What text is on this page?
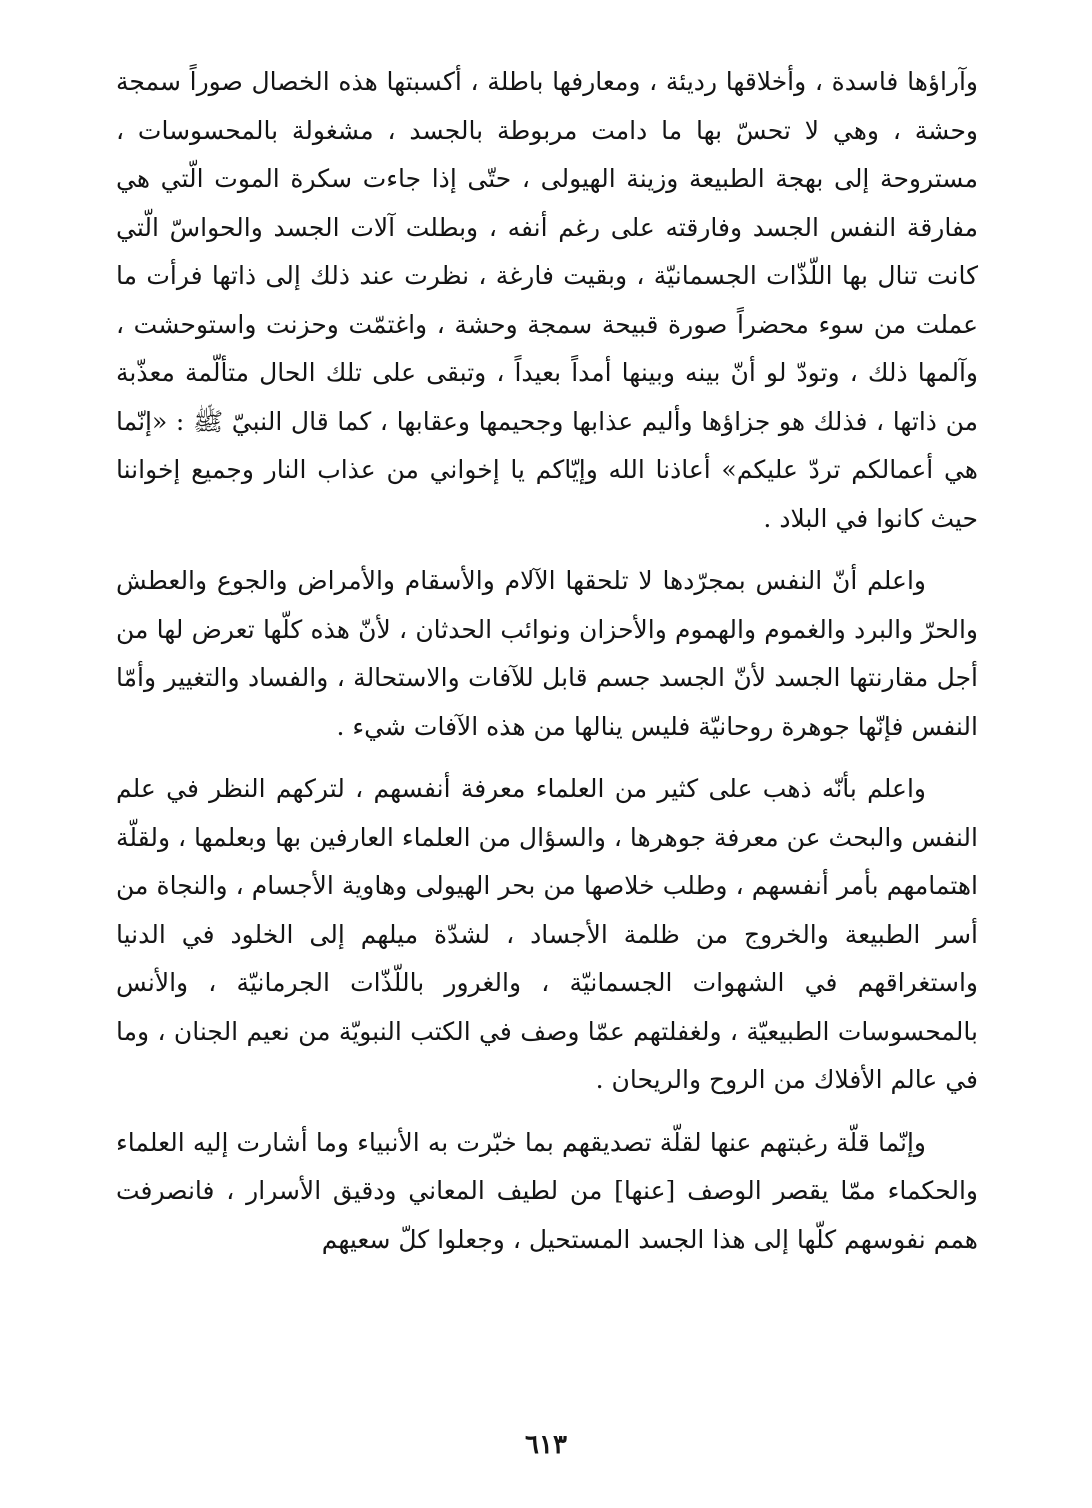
وآراؤها فاسدة ، وأخلاقها رديئة ، ومعارفها باطلة ، أكسبتها هذه الخصال صوراً سمجة وحشة ، وهي لا تحسّ بها ما دامت مربوطة بالجسد ، مشغولة بالمحسوسات ، مستروحة إلى بهجة الطبيعة وزينة الهيولى ، حتّى إذا جاءت سكرة الموت الّتي هي مفارقة النفس الجسد وفارقته على رغم أنفه ، وبطلت آلات الجسد والحواسّ الّتي كانت تنال بها اللّذّات الجسمانيّة ، وبقيت فارغة ، نظرت عند ذلك إلى ذاتها فرأت ما عملت من سوء محضراً صورة قبيحة سمجة وحشة ، واغتمّت وحزنت واستوحشت ، وآلمها ذلك ، وتودّ لو أنّ بينه وبينها أمداً بعيداً ، وتبقى على تلك الحال متألّمة معذّبة من ذاتها ، فذلك هو جزاؤها وأليم عذابها وجحيمها وعقابها ، كما قال النبيّ ﷺ : «إنّما هي أعمالكم تردّ عليكم» أعاذنا الله وإيّاكم يا إخواني من عذاب النار وجميع إخواننا حيث كانوا في البلاد .

واعلم أنّ النفس بمجرّدها لا تلحقها الآلام والأسقام والأمراض والجوع والعطش والحرّ والبرد والغموم والهموم والأحزان ونوائب الحدثان ، لأنّ هذه كلّها تعرض لها من أجل مقارنتها الجسد لأنّ الجسد جسم قابل للآفات والاستحالة ، والفساد والتغيير وأمّا النفس فإنّها جوهرة روحانيّة فليس ينالها من هذه الآفات شيء .

واعلم بأنّه ذهب على كثير من العلماء معرفة أنفسهم ، لتركهم النظر في علم النفس والبحث عن معرفة جوهرها ، والسؤال من العلماء العارفين بها وبعلمها ، ولقلّة اهتمامهم بأمر أنفسهم ، وطلب خلاصها من بحر الهيولى وهاوية الأجسام ، والنجاة من أسر الطبيعة والخروج من ظلمة الأجساد ، لشدّة ميلهم إلى الخلود في الدنيا واستغراقهم في الشهوات الجسمانيّة ، والغرور باللّذّات الجرمانيّة ، والأنس بالمحسوسات الطبيعيّة ، ولغفلتهم عمّا وصف في الكتب النبويّة من نعيم الجنان ، وما في عالم الأفلاك من الروح والريحان .

وإنّما قلّة رغبتهم عنها لقلّة تصديقهم بما خبّرت به الأنبياء وما أشارت إليه العلماء والحكماء ممّا يقصر الوصف [عنها] من لطيف المعاني ودقيق الأسرار ، فانصرفت همم نفوسهم كلّها إلى هذا الجسد المستحيل ، وجعلوا كلّ سعيهم

٦١٣
